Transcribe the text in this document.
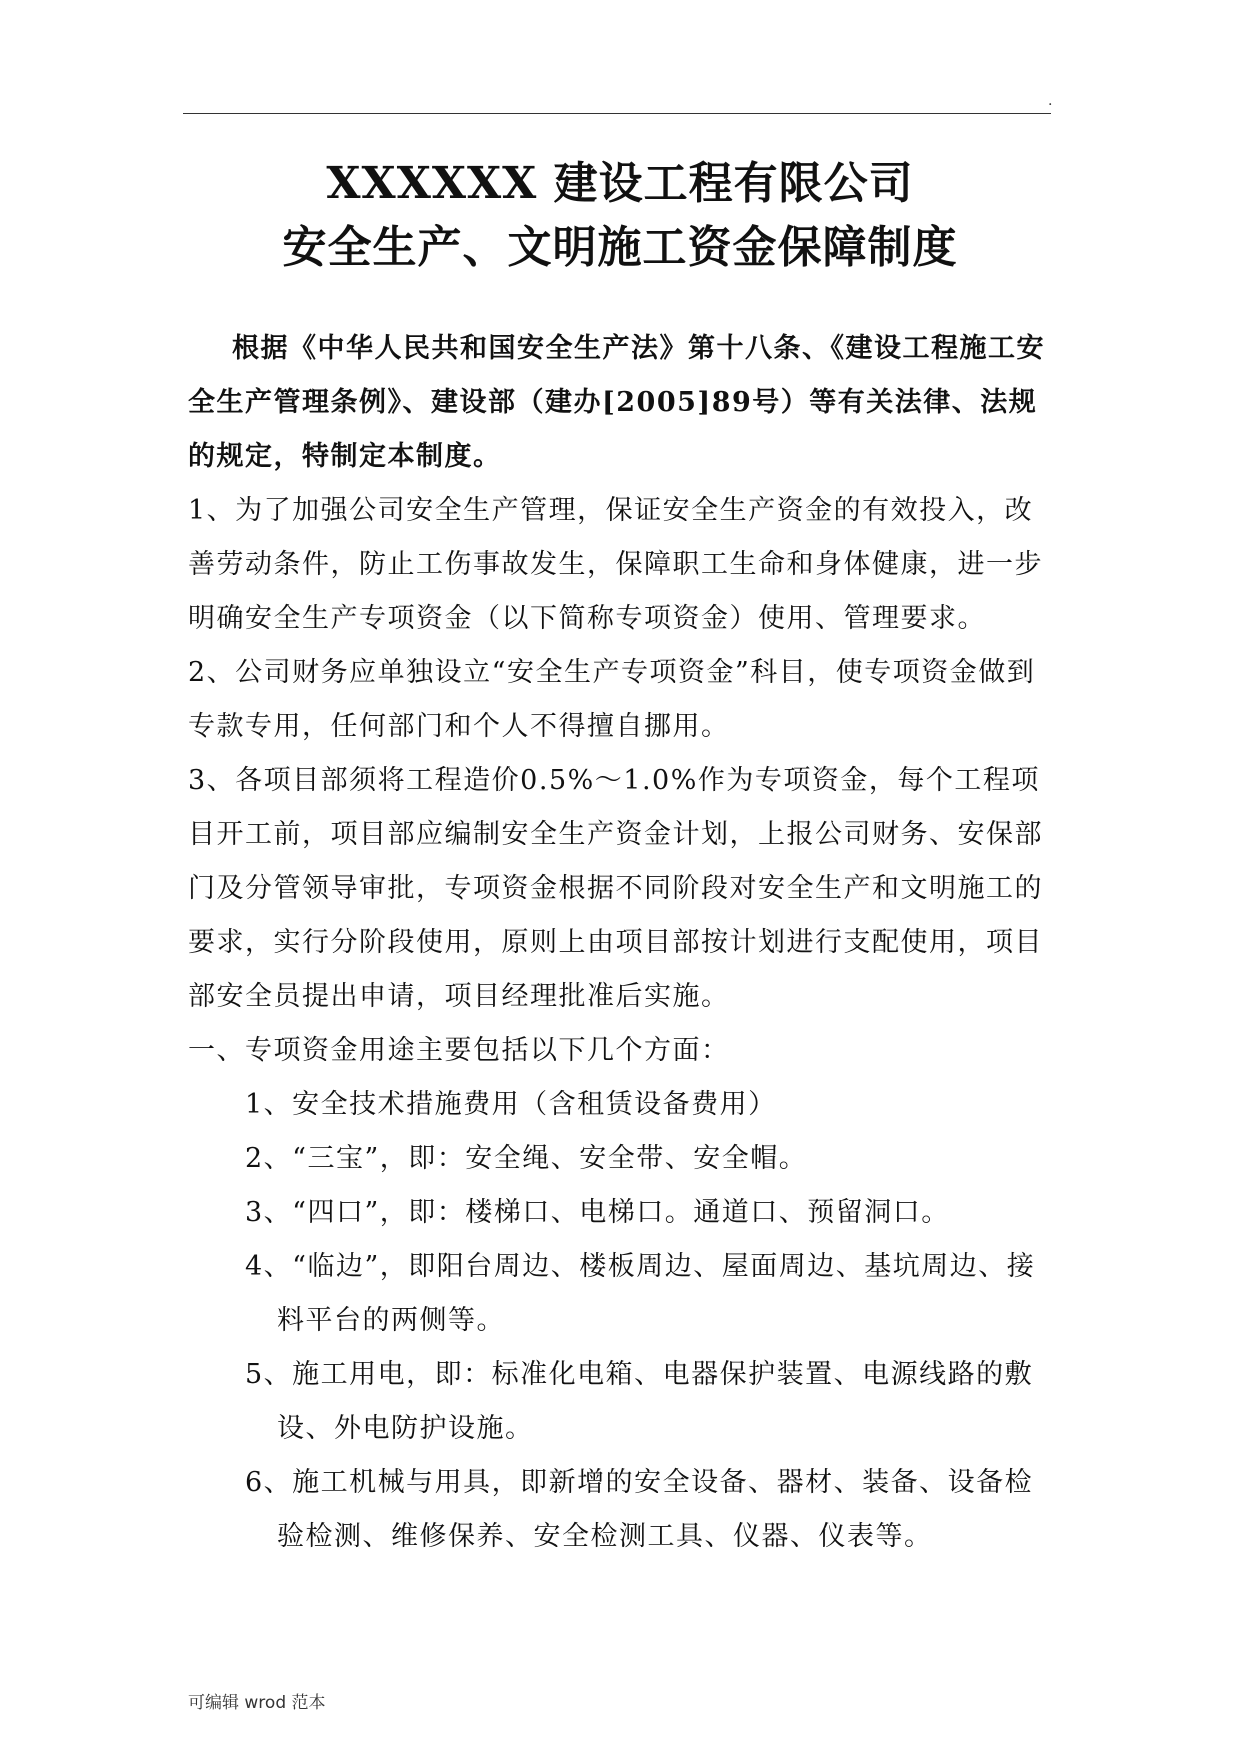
.
XXXXXX 建设工程有限公司
安全生产、文明施工资金保障制度

根据《中华人民共和国安全生产法》第十八条、《建设工程施工安全生产管理条例》、建设部（建办[2005]89号）等有关法律、法规的规定，特制定本制度。

1、为了加强公司安全生产管理，保证安全生产资金的有效投入，改善劳动条件，防止工伤事故发生，保障职工生命和身体健康，进一步明确安全生产专项资金（以下简称专项资金）使用、管理要求。

2、公司财务应单独设立“安全生产专项资金”科目，使专项资金做到专款专用，任何部门和个人不得擅自挪用。

3、各项目部须将工程造价0.5%～1.0%作为专项资金，每个工程项目开工前，项目部应编制安全生产资金计划，上报公司财务、安保部门及分管领导审批，专项资金根据不同阶段对安全生产和文明施工的要求，实行分阶段使用，原则上由项目部按计划进行支配使用，项目部安全员提出申请，项目经理批准后实施。

一、专项资金用途主要包括以下几个方面：

1、安全技术措施费用（含租赁设备费用）
2、“三宝”，即：安全绳、安全带、安全帽。
3、“四口”，即：楼梯口、电梯口。通道口、预留洞口。
4、“临边”，即阳台周边、楼板周边、屋面周边、基坑周边、接料平台的两侧等。
5、施工用电，即：标准化电箱、电器保护装置、电源线路的敷设、外电防护设施。
6、施工机械与用具，即新增的安全设备、器材、装备、设备检验检测、维修保养、安全检测工具、仪器、仪表等。
可编辑 wrod 范本
